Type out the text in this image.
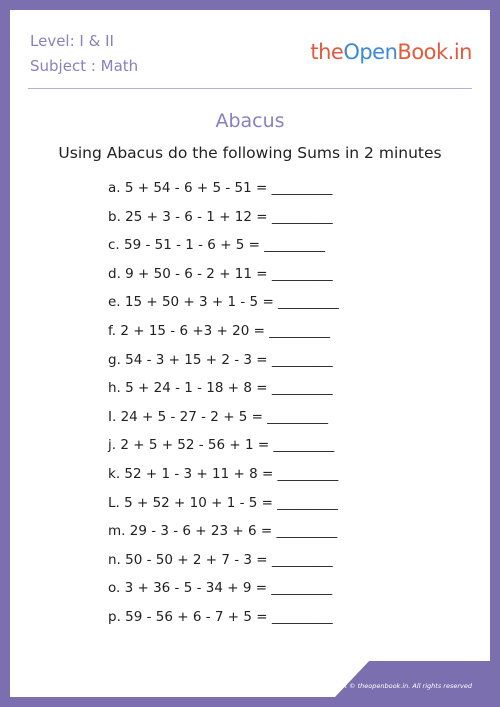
Level: I & II
Subject : Math
theOpenBook.in
Abacus
Using Abacus do the following Sums in 2 minutes
a. 5 + 54 - 6 + 5 - 51 = _________
b. 25 + 3 - 6 - 1 + 12 = _________
c. 59 - 51 - 1 - 6 + 5 = _________
d. 9 + 50 - 6 - 2 + 11 = _________
e. 15 + 50 + 3 + 1 - 5 = _________
f. 2 + 15 - 6 +3 + 20 = _________
g. 54 - 3 + 15 + 2 - 3 = _________
h. 5 + 24 - 1 - 18 + 8 = _________
I. 24 + 5 - 27 - 2 + 5 = _________
j. 2 + 5 + 52 - 56 + 1 = _________
k. 52 + 1 - 3 + 11 + 8 = _________
L. 5 + 52 + 10 + 1 - 5 = _________
m. 29 - 3 - 6 + 23 + 6 = _________
n. 50 - 50 + 2 + 7 - 3 = _________
o. 3 + 36 - 5 - 34 + 9 = _________
p. 59 - 56 + 6 - 7 + 5 = _________
Copyright © theopenbook.in. All rights reserved
